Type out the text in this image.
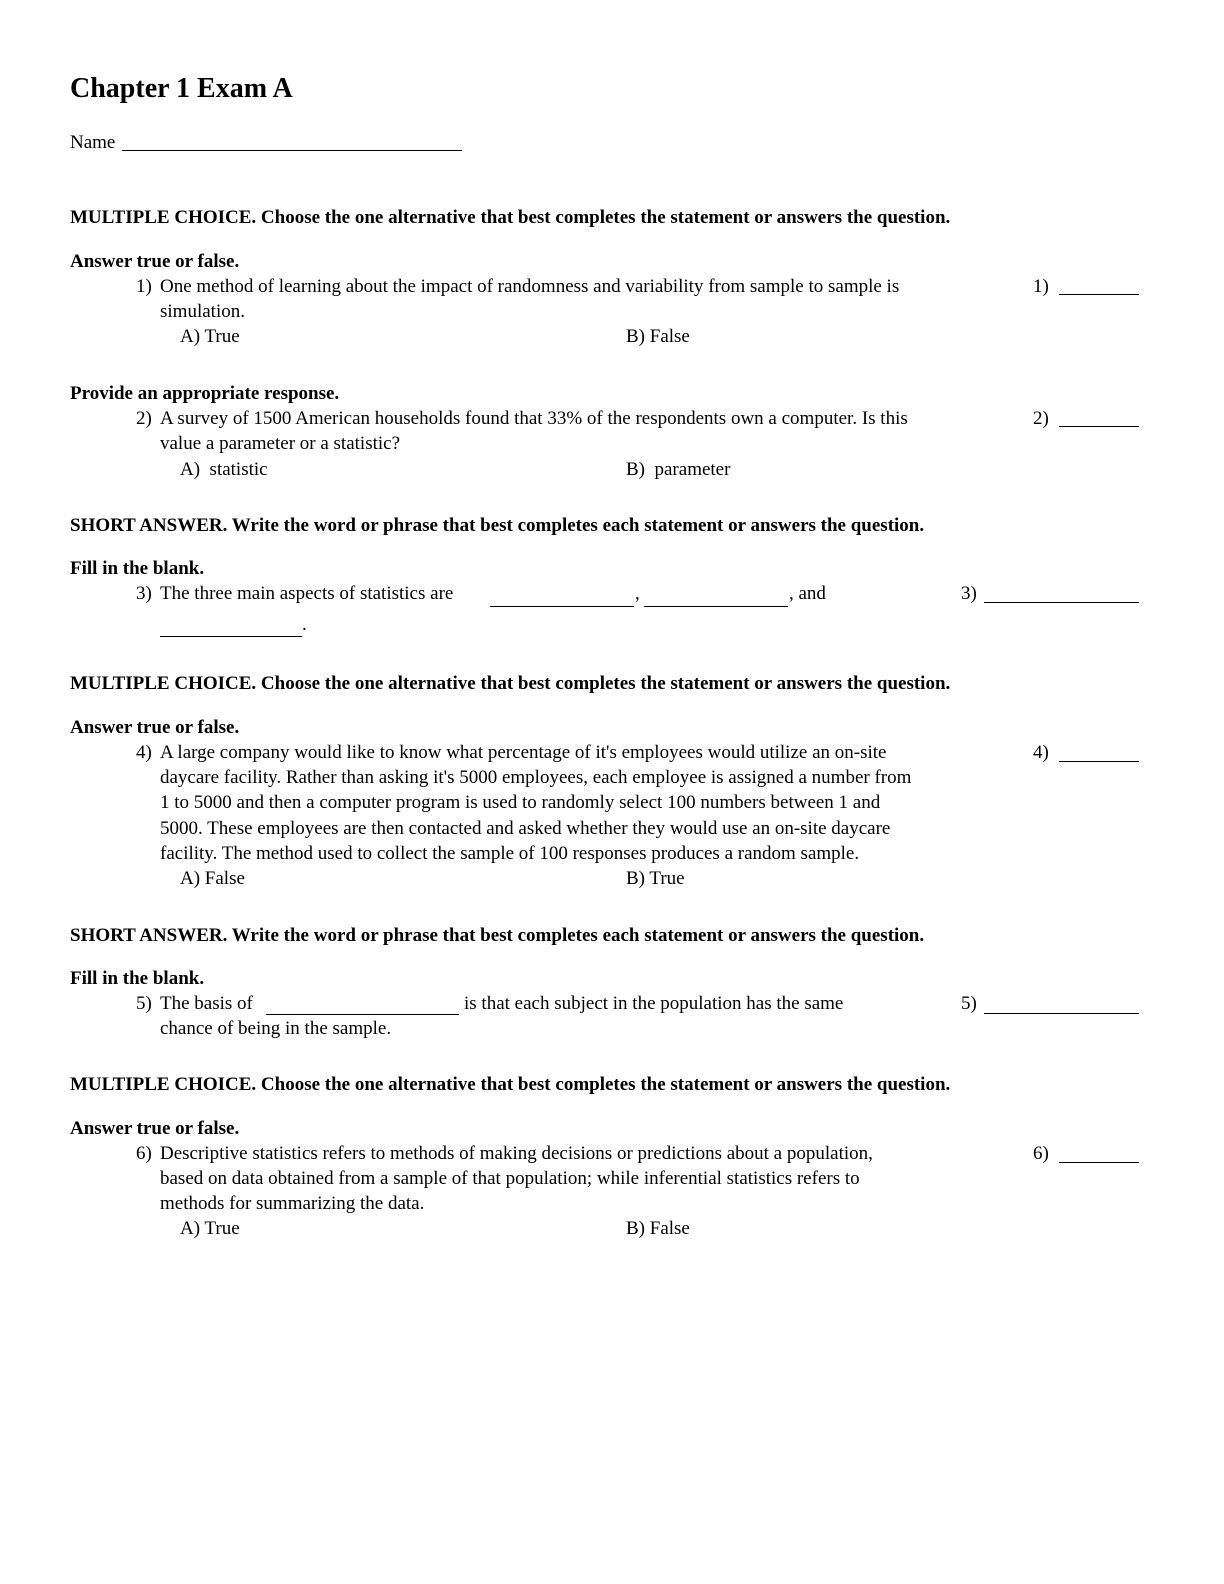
Chapter 1 Exam A
Name
MULTIPLE CHOICE. Choose the one alternative that best completes the statement or answers the question.
Answer true or false.
1) One method of learning about the impact of randomness and variability from sample to sample is
simulation.
A) True	B) False
1)
Provide an appropriate response.
2) A survey of 1500 American households found that 33% of the respondents own a computer. Is this
value a parameter or a statistic?
A)  statistic	B)  parameter
2)
SHORT ANSWER. Write the word or phrase that best completes each statement or answers the question.
Fill in the blank.
3) The three main aspects of statistics are	,	, and
.
3)
MULTIPLE CHOICE. Choose the one alternative that best completes the statement or answers the question.
Answer true or false.
4) A large company would like to know what percentage of it's employees would utilize an on-site
daycare facility. Rather than asking it's 5000 employees, each employee is assigned a number from
1 to 5000 and then a computer program is used to randomly select 100 numbers between 1 and
5000. These employees are then contacted and asked whether they would use an on-site daycare
facility. The method used to collect the sample of 100 responses produces a random sample.
A) False	B) True
4)
SHORT ANSWER. Write the word or phrase that best completes each statement or answers the question.
Fill in the blank.
5) The basis of	is that each subject in the population has the same
chance of being in the sample.
5)
MULTIPLE CHOICE. Choose the one alternative that best completes the statement or answers the question.
Answer true or false.
6) Descriptive statistics refers to methods of making decisions or predictions about a population,
based on data obtained from a sample of that population; while inferential statistics refers to
methods for summarizing the data.
A) True	B) False
6)
